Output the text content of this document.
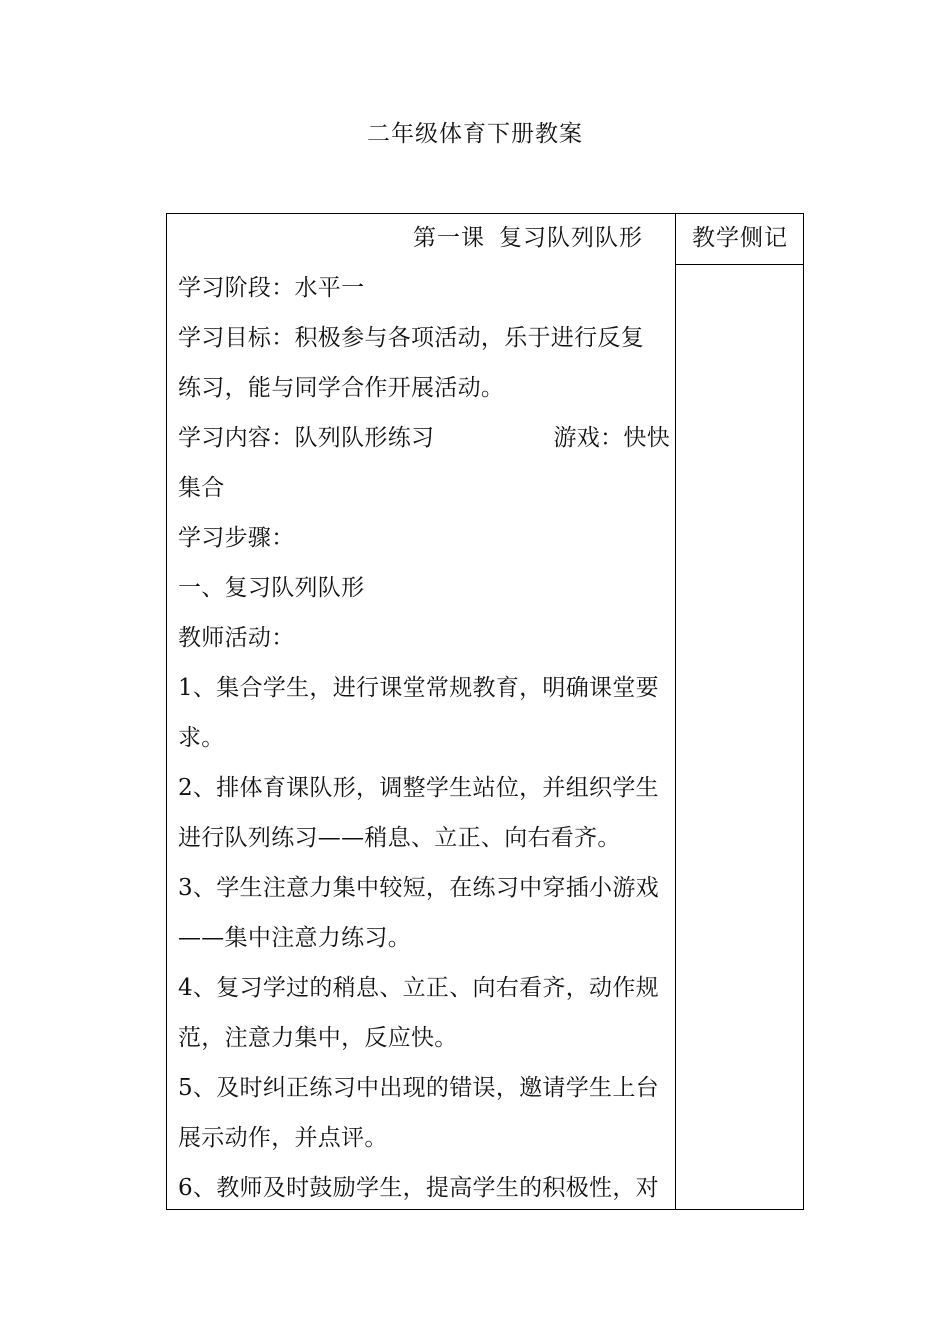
二年级体育下册教案
第一课 复习队列队形	教学侧记
学习阶段：水平一
学习目标：积极参与各项活动，乐于进行反复
练习，能与同学合作开展活动。
学习内容：队列队形练习	游戏：快快
集合
学习步骤：
一、复习队列队形
教师活动：
1、集合学生，进行课堂常规教育，明确课堂要
求。
2、排体育课队形，调整学生站位，并组织学生
进行队列练习——稍息、立正、向右看齐。
3、学生注意力集中较短，在练习中穿插小游戏
——集中注意力练习。
4、复习学过的稍息、立正、向右看齐，动作规
范，注意力集中，反应快。
5、及时纠正练习中出现的错误，邀请学生上台
展示动作，并点评。
6、教师及时鼓励学生，提高学生的积极性，对
